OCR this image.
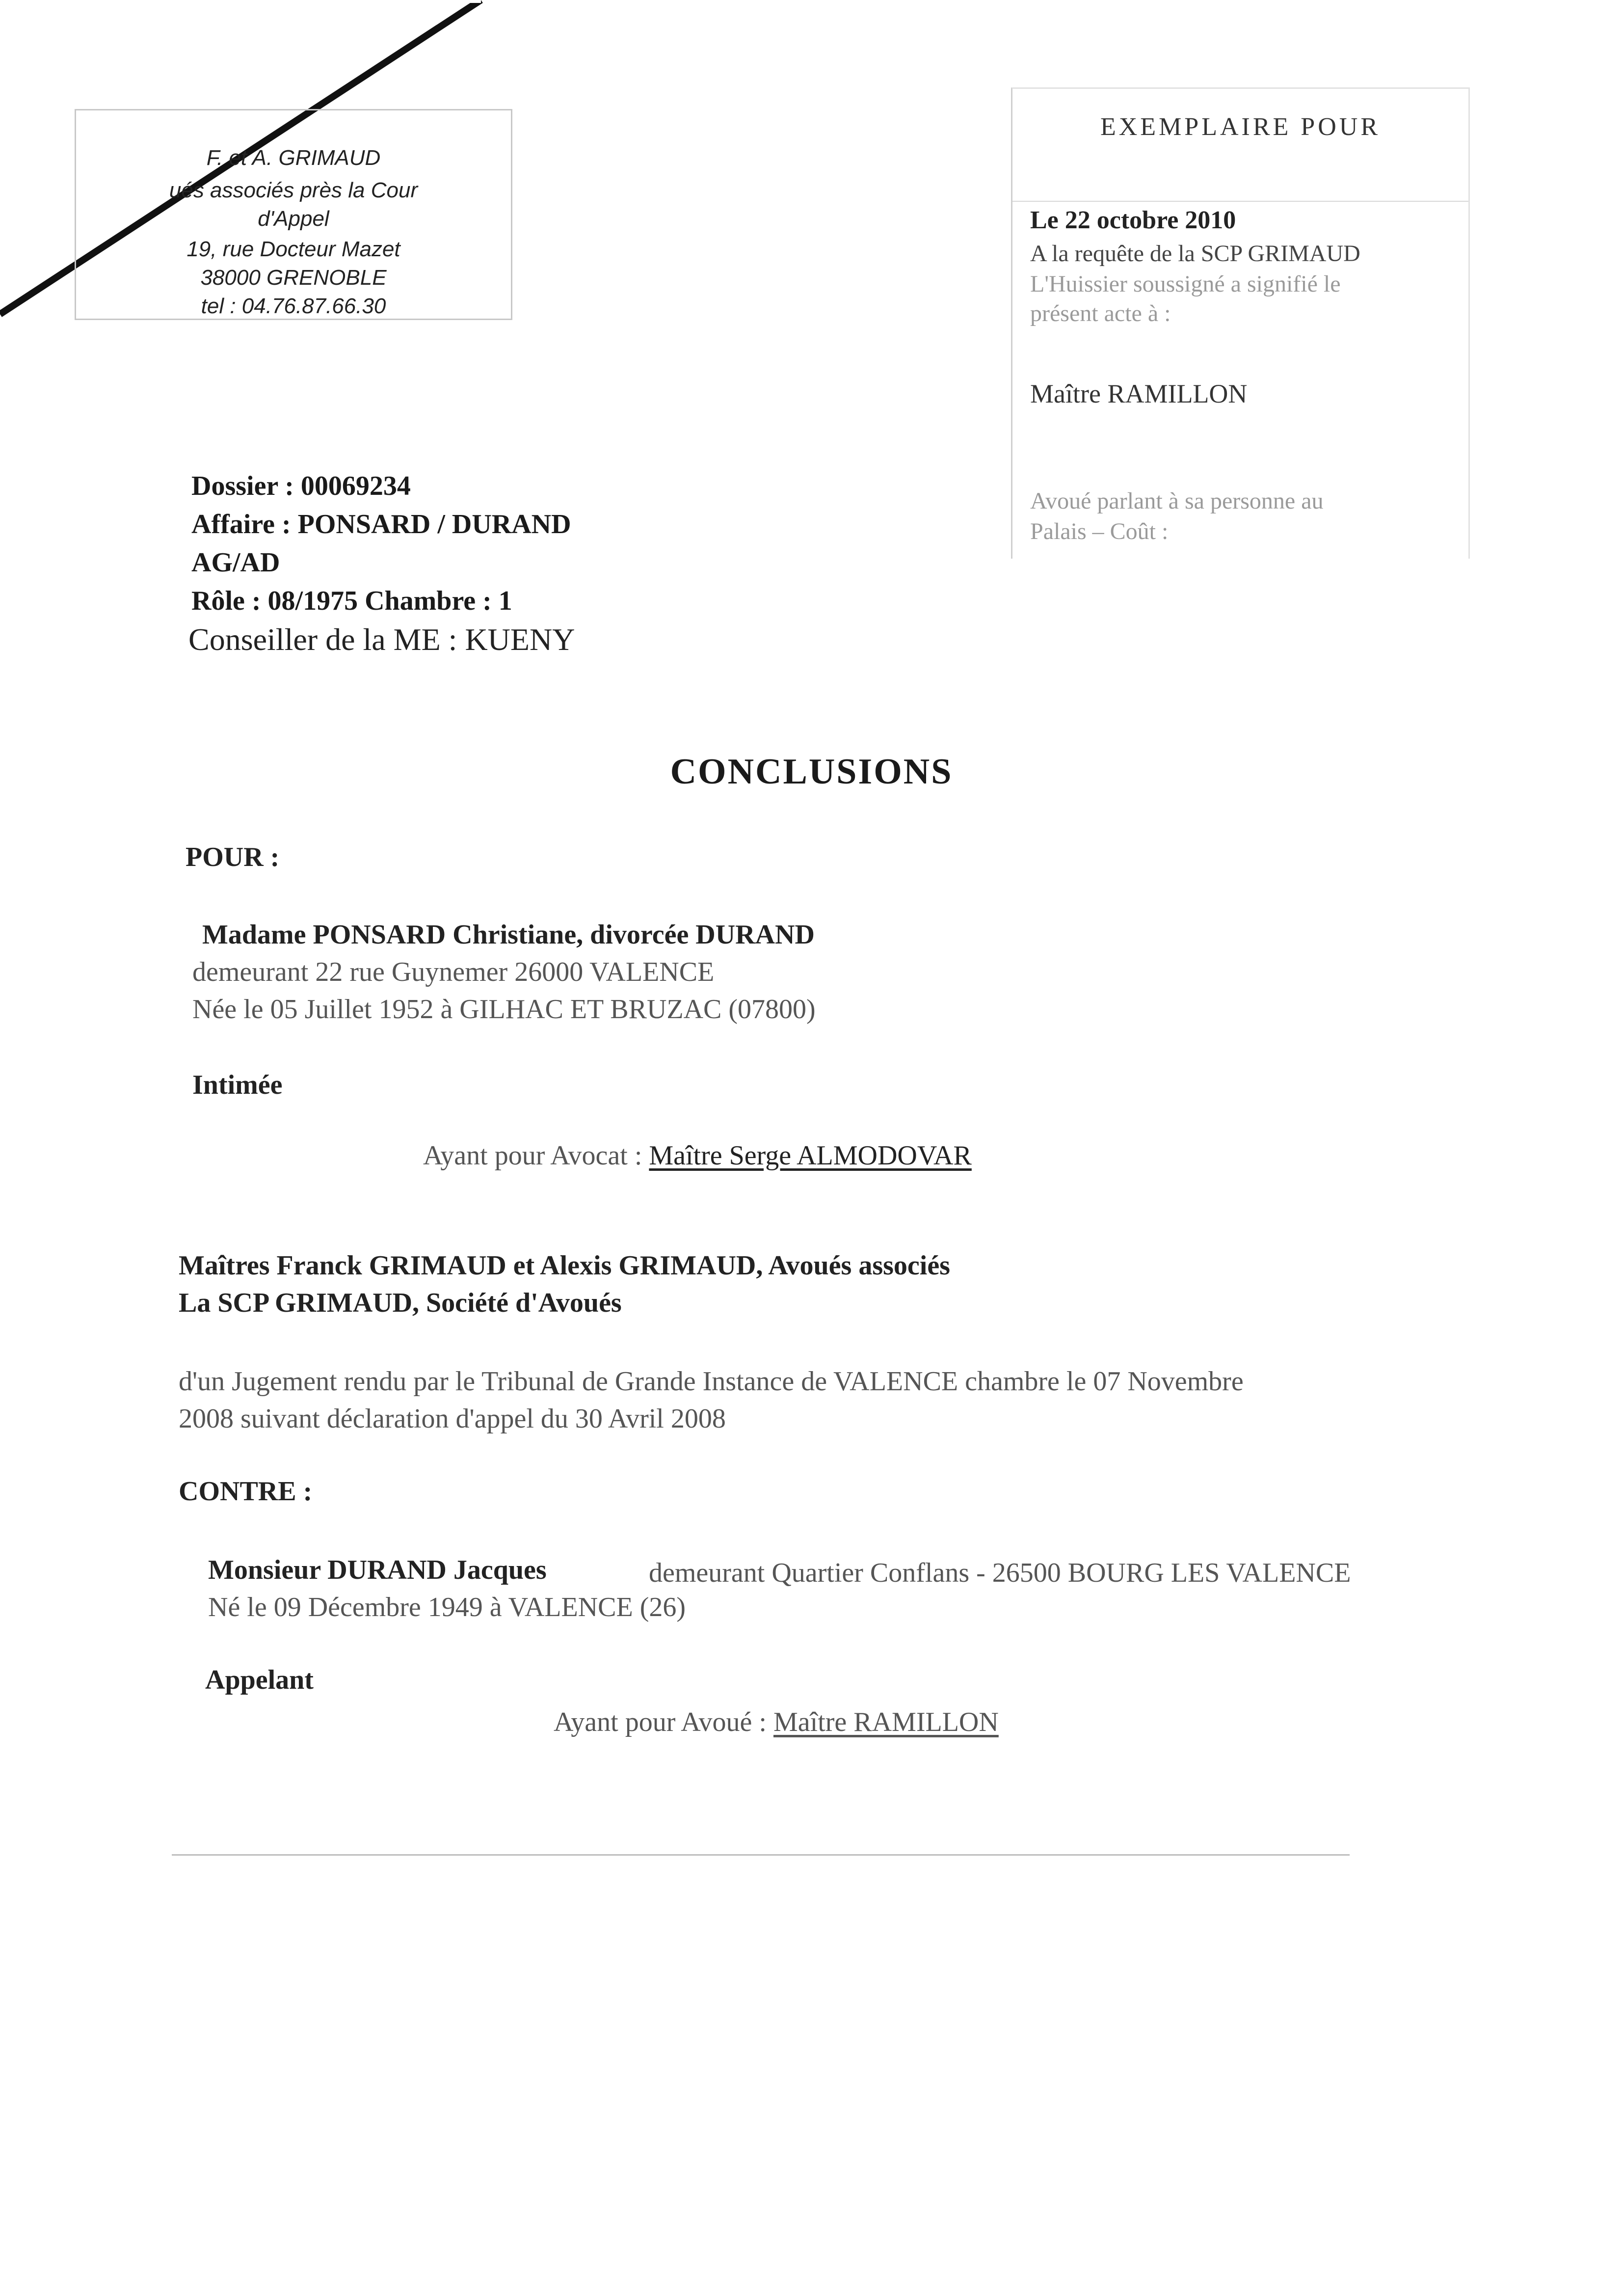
F. et A. GRIMAUD
ués associés près la Cour
d'Appel
19, rue Docteur Mazet
38000 GRENOBLE
tel : 04.76.87.66.30
EXEMPLAIRE POUR
Le 22 octobre 2010
A la requête de la SCP GRIMAUD
L'Huissier soussigné a signifié le
présent acte à :
Maître RAMILLON
Avoué parlant à sa personne au
Palais – Coût :
Dossier : 00069234
Affaire : PONSARD / DURAND
AG/AD
Rôle : 08/1975 Chambre : 1
Conseiller de la ME : KUENY
CONCLUSIONS
POUR :
Madame PONSARD Christiane, divorcée DURAND
demeurant 22 rue Guynemer 26000 VALENCE
Née le 05 Juillet 1952 à GILHAC ET BRUZAC (07800)
Intimée
Ayant pour Avocat : Maître Serge ALMODOVAR
Maîtres Franck GRIMAUD et Alexis GRIMAUD, Avoués associés
La SCP GRIMAUD, Société d'Avoués
d'un Jugement rendu par le Tribunal de Grande Instance de VALENCE chambre le 07 Novembre
2008 suivant déclaration d'appel du 30 Avril 2008
CONTRE :
Monsieur DURAND Jacques	demeurant Quartier Conflans - 26500 BOURG LES VALENCE
Né le 09 Décembre 1949 à VALENCE (26)
Appelant
Ayant pour Avoué : Maître RAMILLON
